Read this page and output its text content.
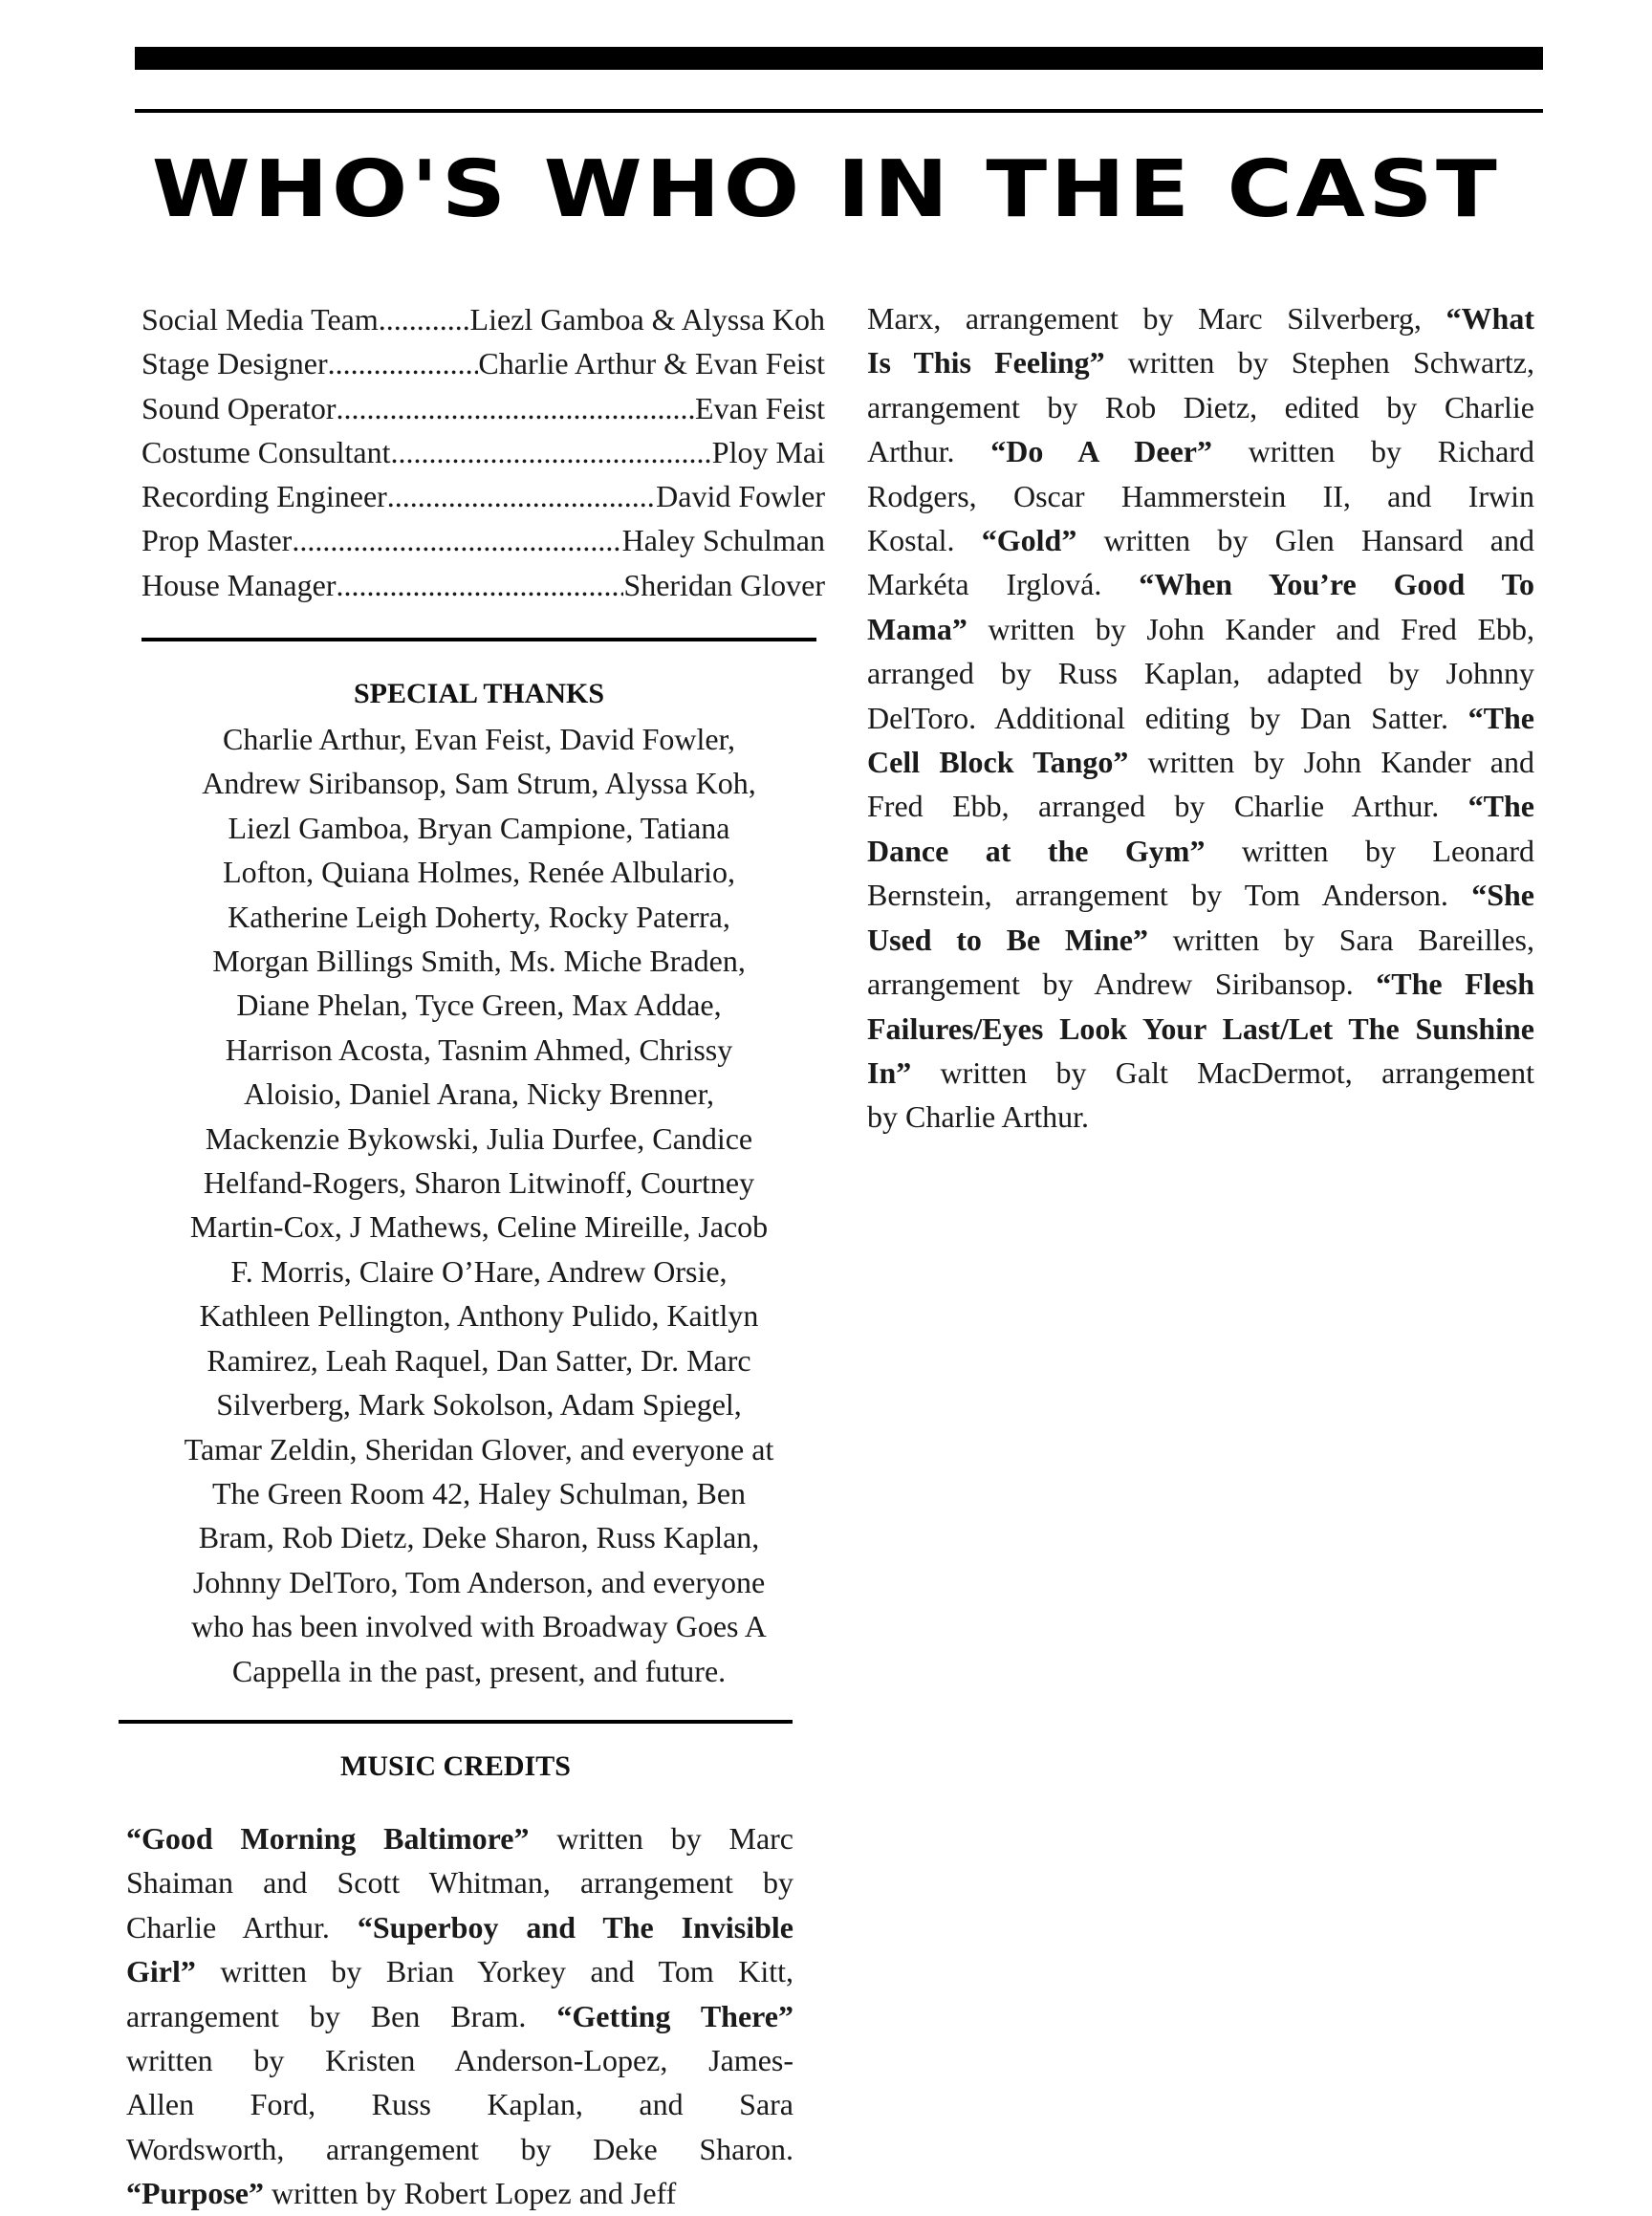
WHO'S WHO IN THE CAST
Social Media Team .....	Liezl Gamboa & Alyssa Koh
Stage Designer .....	Charlie Arthur & Evan Feist
Sound Operator .....	Evan Feist
Costume Consultant .....	Ploy Mai
Recording Engineer .....	David Fowler
Prop Master .....	Haley Schulman
House Manager .....	Sheridan Glover
SPECIAL THANKS
Charlie Arthur, Evan Feist, David Fowler,
Andrew Siribansop, Sam Strum, Alyssa Koh,
Liezl Gamboa, Bryan Campione, Tatiana
Lofton, Quiana Holmes, Renée Albulario,
Katherine Leigh Doherty, Rocky Paterra,
Morgan Billings Smith, Ms. Miche Braden,
Diane Phelan, Tyce Green, Max Addae,
Harrison Acosta, Tasnim Ahmed, Chrissy
Aloisio, Daniel Arana, Nicky Brenner,
Mackenzie Bykowski, Julia Durfee, Candice
Helfand-Rogers, Sharon Litwinoff, Courtney
Martin-Cox, J Mathews, Celine Mireille, Jacob
F. Morris, Claire O’Hare, Andrew Orsie,
Kathleen Pellington, Anthony Pulido, Kaitlyn
Ramirez, Leah Raquel, Dan Satter, Dr. Marc
Silverberg, Mark Sokolson, Adam Spiegel,
Tamar Zeldin, Sheridan Glover, and everyone at
The Green Room 42, Haley Schulman, Ben
Bram, Rob Dietz, Deke Sharon, Russ Kaplan,
Johnny DelToro, Tom Anderson, and everyone
who has been involved with Broadway Goes A
Cappella in the past, present, and future.
MUSIC CREDITS
“Good Morning Baltimore” written by Marc
Shaiman and Scott Whitman, arrangement by
Charlie Arthur. “Superboy and The Invisible
Girl” written by Brian Yorkey and Tom Kitt,
arrangement by Ben Bram. “Getting There”
written by Kristen Anderson-Lopez, James-
Allen Ford, Russ Kaplan, and Sara
Wordsworth, arrangement by Deke Sharon.
“Purpose” written by Robert Lopez and Jeff
Marx, arrangement by Marc Silverberg, “What
Is This Feeling” written by Stephen Schwartz,
arrangement by Rob Dietz, edited by Charlie
Arthur. “Do A Deer” written by Richard
Rodgers, Oscar Hammerstein II, and Irwin
Kostal. “Gold” written by Glen Hansard and
Markéta Irglová. “When You’re Good To
Mama” written by John Kander and Fred Ebb,
arranged by Russ Kaplan, adapted by Johnny
DelToro. Additional editing by Dan Satter. “The
Cell Block Tango” written by John Kander and
Fred Ebb, arranged by Charlie Arthur. “The
Dance at the Gym” written by Leonard
Bernstein, arrangement by Tom Anderson. “She
Used to Be Mine” written by Sara Bareilles,
arrangement by Andrew Siribansop. “The Flesh
Failures/Eyes Look Your Last/Let The Sunshine
In” written by Galt MacDermot, arrangement
by Charlie Arthur.
